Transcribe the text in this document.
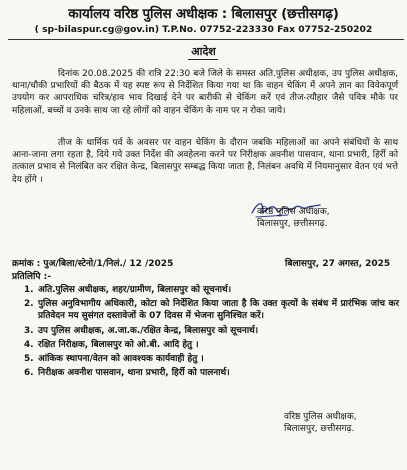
कार्यालय वरिष्ठ पुलिस अधीक्षक : बिलासपुर (छत्तीसगढ़)
( sp-bilaspur.cg@gov.in) T.P.No. 07752-223330 Fax 07752-250202
आदेश
दिनांक 20.08.2025 की रात्रि 22:30 बजे जिले के समस्त अति.पुलिस अधीक्षक, उप पुलिस अधीक्षक, थाना/चौकी प्रभारियों की बैठक में यह स्पष्ट रूप से निर्देशित किया गया था कि वाहन चेकिंग में अपने ज्ञान का विवेकपूर्ण उपयोग कर आपराधिक चरित्र/हाव भाव दिखाई देने पर बारीकी से चेकिंग करें एवं तीज-त्यौहार जैसे पवित्र मौके पर महिलाओं, बच्चों व उनके साथ जा रहे लोगों को वाहन चेकिंग के नाम पर न रोका जाये।
तीज के धार्मिक पर्व के अवसर पर वाहन चेकिंग के दौरान जबकि महिलाओं का अपने संबंधियों के साथ आना-जाना लगा रहता है, दिये गये उक्त निर्देश की अवहेलना करने पर निरीक्षक अवनीश पासवान, थाना प्रभारी, हिर्री को तत्काल प्रभाव से निलंबित कर रक्षित केन्द्र, बिलासपुर सम्बद्ध किया जाता है, निलंबन अवधि में नियमानुसार वेतन एवं भत्ते देय होंगे ।
वरिष्ठ पुलिस अधीक्षक,
बिलासपुर, छत्तीसगढ़.
क्रमांक : पुअ/बिला/स्टेनो/1/निलं./ 12 /2025	बिलासपुर, 27 अगस्त, 2025
प्रतिलिपि :-
1. अति.पुलिस अधीक्षक, शहर/ग्रामीण, बिलासपुर को सूचनार्थ।
2. पुलिस अनुविभागीय अधिकारी, कोटा को निर्देशित किया जाता है कि उक्त कृत्यों के संबंध में प्रारंभिक जांच कर प्रतिवेदन मय सुसंगत दस्तावेजों के 07 दिवस में भेजना सुनिश्चित करें।
3. उप पुलिस अधीक्षक, अ.जा.क./रक्षित केन्द्र, बिलासपुर को सूचनार्थ।
4. रक्षित निरीक्षक, बिलासपुर को ओ.बी. आदि हेतु ।
5. आंकिक स्थापना/वेतन को आवश्यक कार्यवाही हेतु ।
6. निरीक्षक अवनीश पासवान, थाना प्रभारी, हिर्री को पालनार्थ।
वरिष्ठ पुलिस अधीक्षक,
बिलासपुर, छत्तीसगढ़.
